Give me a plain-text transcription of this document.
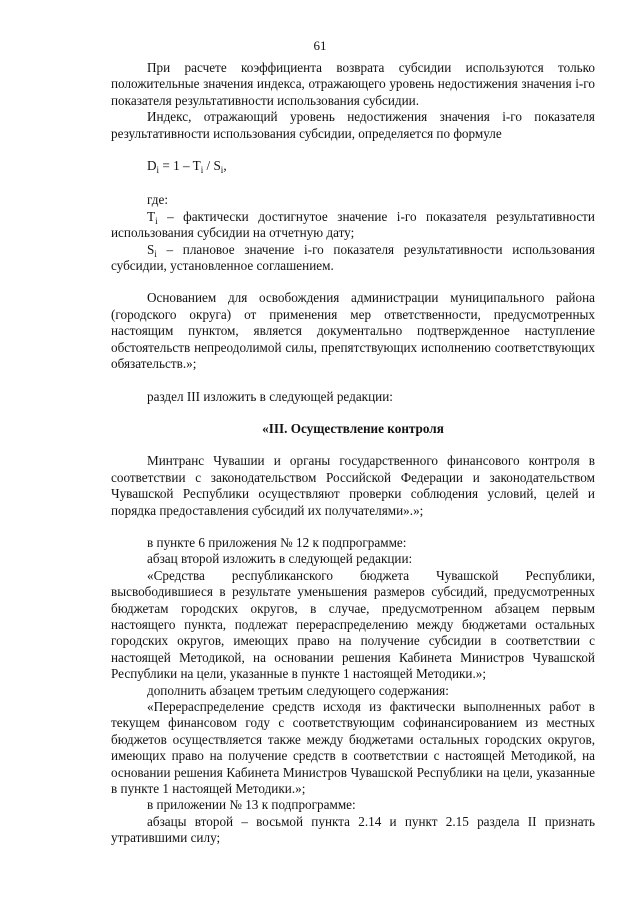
61

При расчете коэффициента возврата субсидии используются только положительные значения индекса, отражающего уровень недостижения значения i-го показателя результативности использования субсидии.

Индекс, отражающий уровень недостижения значения i-го показателя результативности использования субсидии, определяется по формуле

$D_i = 1 - T_i / S_i$,

где:

$T_i$ – фактически достигнутое значение i-го показателя результативности использования субсидии на отчетную дату;

$S_i$ – плановое значение i-го показателя результативности использования субсидии, установленное соглашением.

Основанием для освобождения администрации муниципального района (городского округа) от применения мер ответственности, предусмотренных настоящим пунктом, является документально подтвержденное наступление обстоятельств непреодолимой силы, препятствующих исполнению соответствующих обязательств.»;

раздел III изложить в следующей редакции:

«III. Осуществление контроля

Минтранс Чувашии и органы государственного финансового контроля в соответствии с законодательством Российской Федерации и законодательством Чувашской Республики осуществляют проверки соблюдения условий, целей и порядка предоставления субсидий их получателями».»;

в пункте 6 приложения № 12 к подпрограмме:

абзац второй изложить в следующей редакции:

«Средства республиканского бюджета Чувашской Республики, высвободившиеся в результате уменьшения размеров субсидий, предусмотренных бюджетам городских округов, в случае, предусмотренном абзацем первым настоящего пункта, подлежат перераспределению между бюджетами остальных городских округов, имеющих право на получение субсидии в соответствии с настоящей Методикой, на основании решения Кабинета Министров Чувашской Республики на цели, указанные в пункте 1 настоящей Методики.»;

дополнить абзацем третьим следующего содержания:

«Перераспределение средств исходя из фактически выполненных работ в текущем финансовом году с соответствующим софинансированием из местных бюджетов осуществляется также между бюджетами остальных городских округов, имеющих право на получение средств в соответствии с настоящей Методикой, на основании решения Кабинета Министров Чувашской Республики на цели, указанные в пункте 1 настоящей Методики.»;

в приложении № 13 к подпрограмме:

абзацы второй – восьмой пункта 2.14 и пункт 2.15 раздела II признать утратившими силу;
